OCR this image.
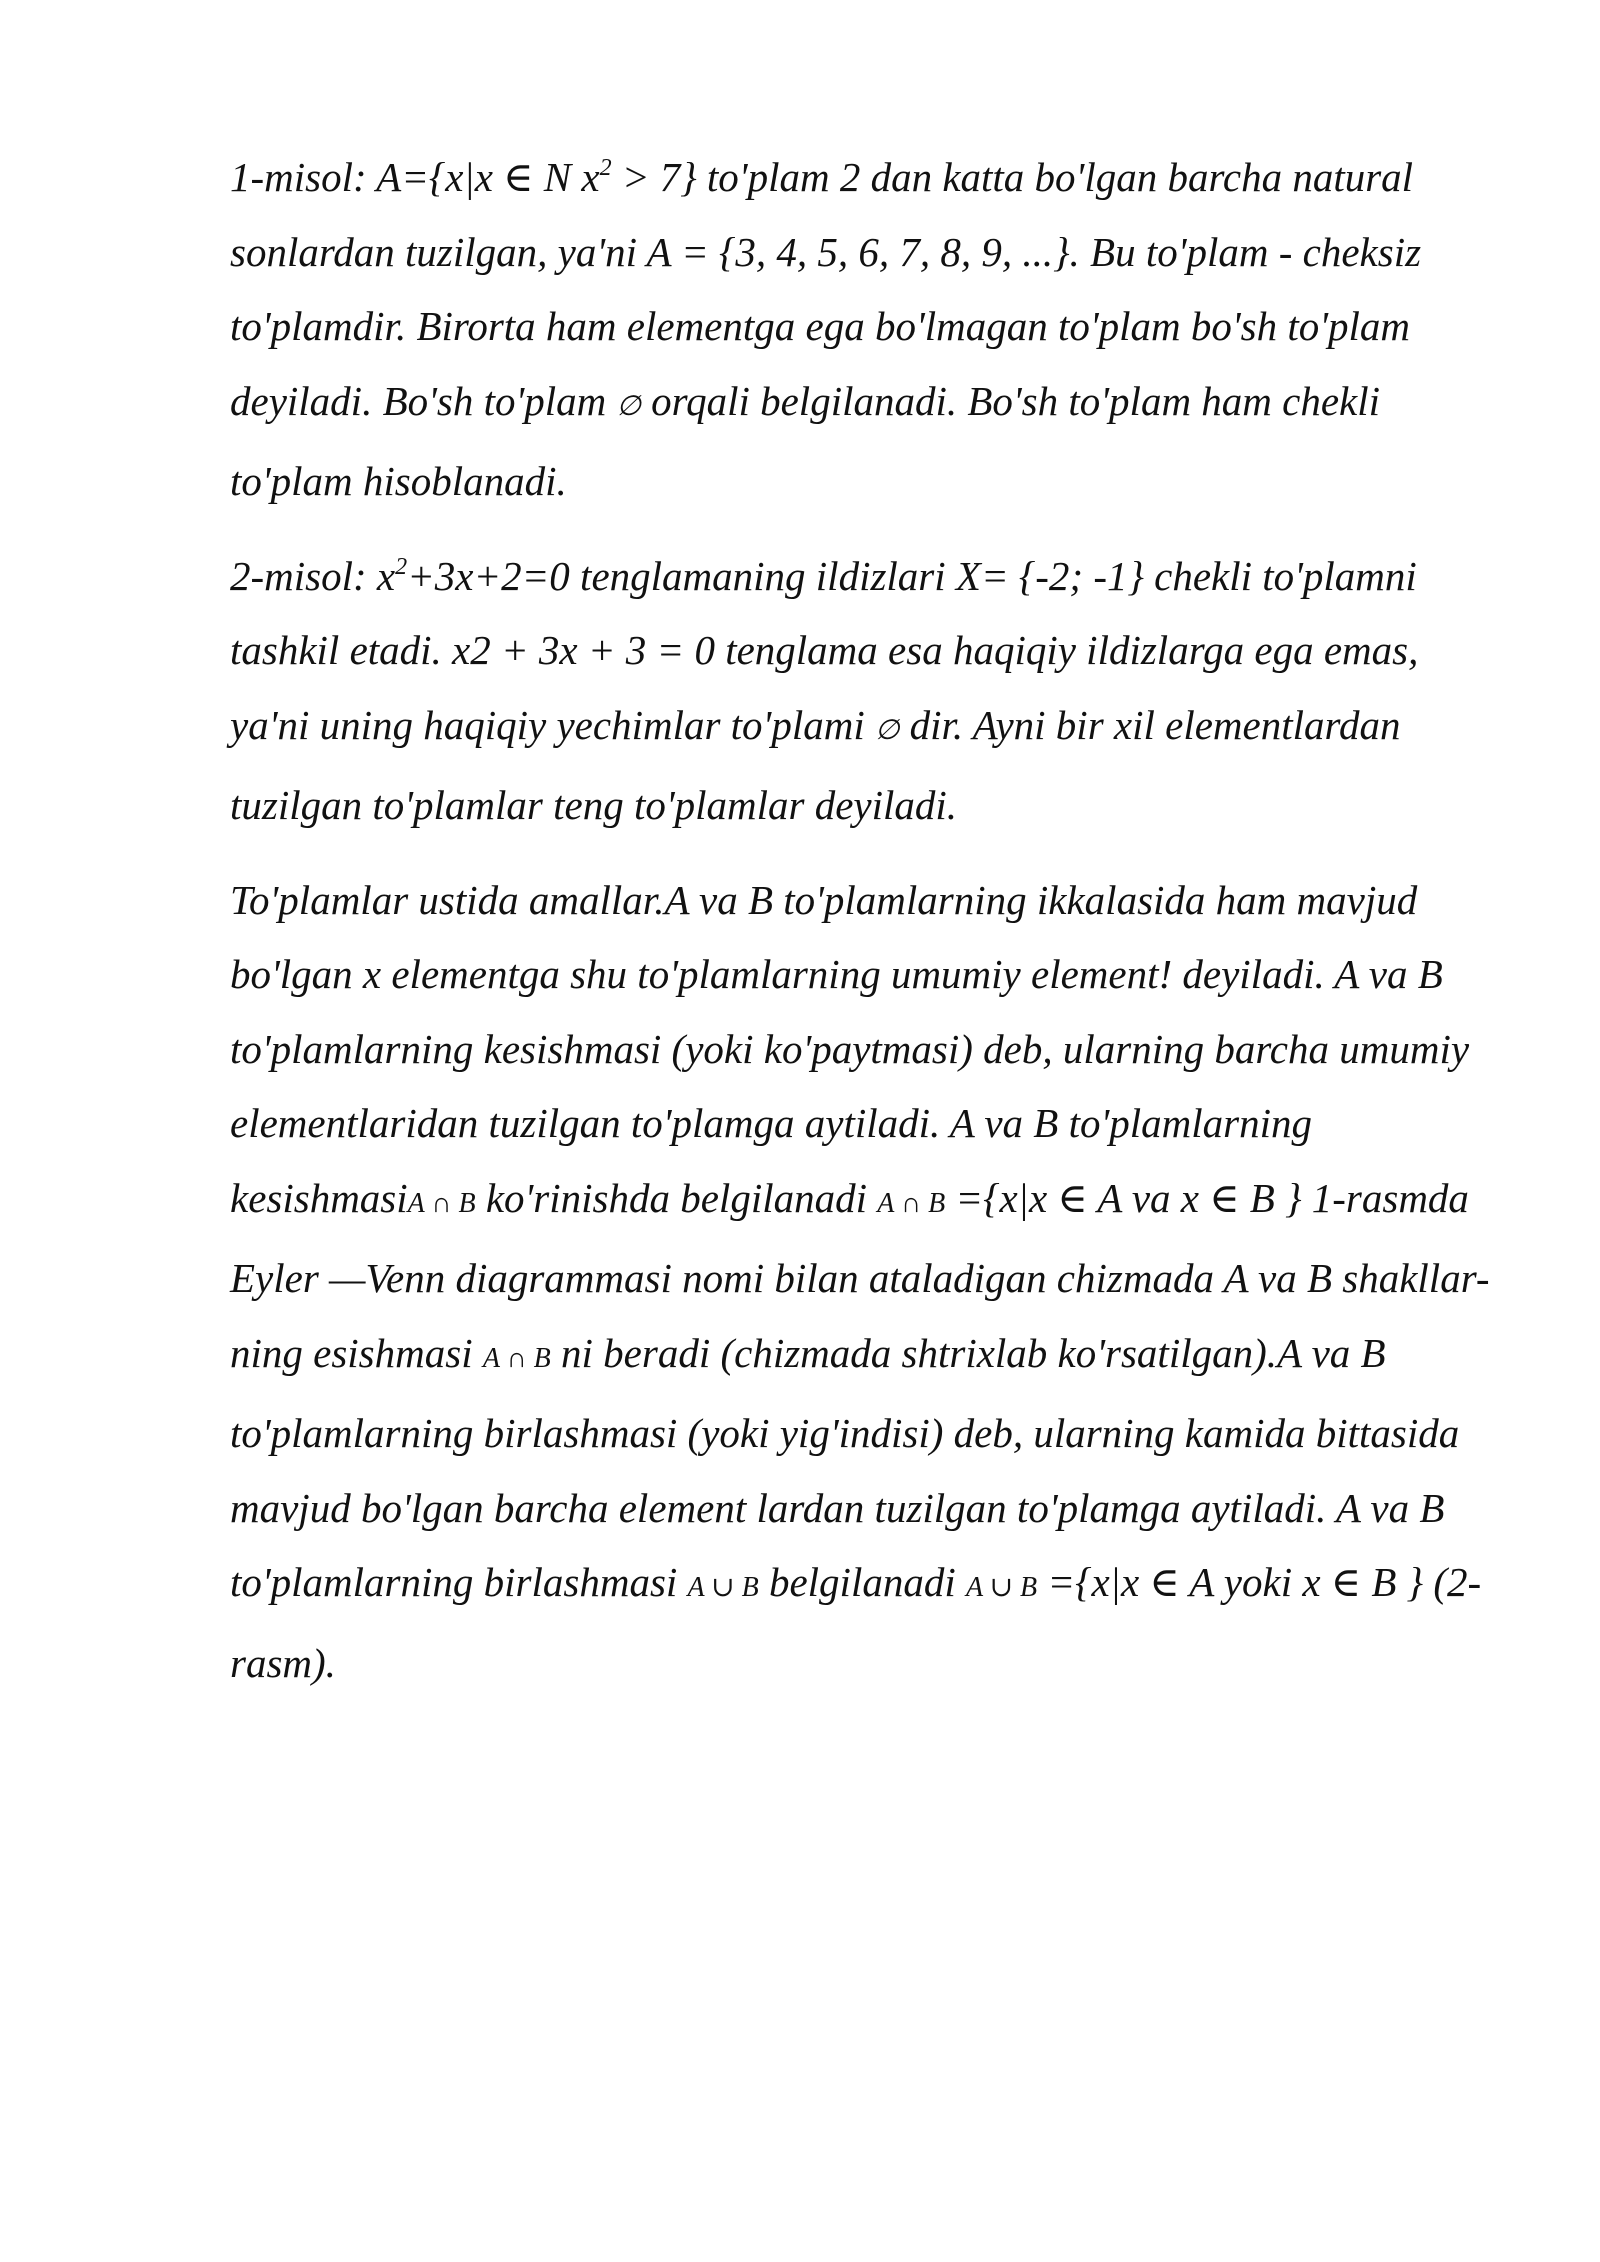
1-misol: A={x|x ∈ N $x^2 > 7$} to'plam 2 dan katta bo'lgan barcha natural sonlardan tuzilgan, ya'ni A = {3, 4, 5, 6, 7, 8, 9, ...}. Bu to'plam - cheksiz to'plamdir. Birorta ham elementga ega bo'lmagan to'plam bo'sh to'plam deyiladi. Bo'sh to'plam ∅ orqali belgilanadi. Bo'sh to'plam ham chekli to'plam hisoblanadi.

2-misol: $x^2+3x+2=0$ tenglamaning ildizlari X= {-2; -1} chekli to'plamni tashkil etadi. x2 + 3x + 3 = 0 tenglama esa haqiqiy ildizlarga ega emas, ya'ni uning haqiqiy yechimlar to'plami ∅ dir. Ayni bir xil elementlardan tuzilgan to'plamlar teng to'plamlar deyiladi.

To'plamlar ustida amallar.A va B to'plamlarning ikkalasida ham mavjud bo'lgan x elementga shu to'plamlarning umumiy element! deyiladi. A va B to'plamlarning kesishmasi (yoki ko'paytmasi) deb, ularning barcha umumiy elementlaridan tuzilgan to'plamga aytiladi. A va B to'plamlarning kesishmasiA ∩ B ko'rinishda belgilanadi A ∩ B ={x|x ∈ A va x ∈ B } 1-rasmda Eyler —Venn diagrammasi nomi bilan ataladigan chizmada A va B shakllar-ning esishmasi A ∩ B ni beradi (chizmada shtrixlab ko'rsatilgan).A va B to'plamlarning birlashmasi (yoki yig'indisi) deb, ularning kamida bittasida mavjud bo'lgan barcha element lardan tuzilgan to'plamga aytiladi. A va B to'plamlarning birlashmasi A ∪ B belgilanadi A ∪ B ={x|x ∈ A yoki x ∈ B } (2- rasm).
